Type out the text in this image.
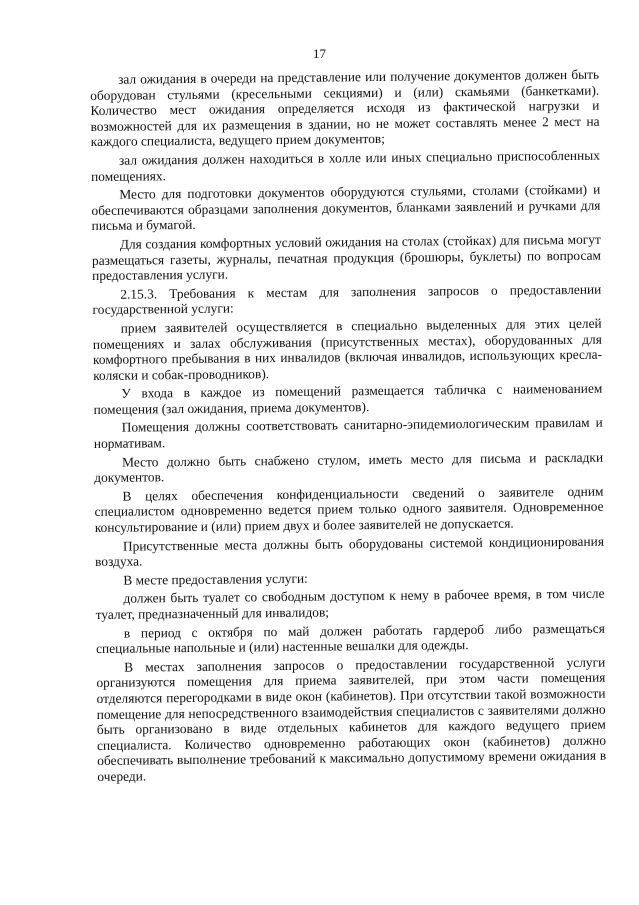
17

зал ожидания в очереди на представление или получение документов должен быть оборудован стульями (кресельными секциями) и (или) скамьями (банкетками). Количество мест ожидания определяется исходя из фактической нагрузки и возможностей для их размещения в здании, но не может составлять менее 2 мест на каждого специалиста, ведущего прием документов;

зал ожидания должен находиться в холле или иных специально приспособленных помещениях.

Место для подготовки документов оборудуются стульями, столами (стойками) и обеспечиваются образцами заполнения документов, бланками заявлений и ручками для письма и бумагой.

Для создания комфортных условий ожидания на столах (стойках) для письма могут размещаться газеты, журналы, печатная продукция (брошюры, буклеты) по вопросам предоставления услуги.

2.15.3. Требования к местам для заполнения запросов о предоставлении государственной услуги:

прием заявителей осуществляется в специально выделенных для этих целей помещениях и залах обслуживания (присутственных местах), оборудованных для комфортного пребывания в них инвалидов (включая инвалидов, использующих кресла-коляски и собак-проводников).

У входа в каждое из помещений размещается табличка с наименованием помещения (зал ожидания, приема документов).

Помещения должны соответствовать санитарно-эпидемиологическим правилам и нормативам.

Место должно быть снабжено стулом, иметь место для письма и раскладки документов.

В целях обеспечения конфиденциальности сведений о заявителе одним специалистом одновременно ведется прием только одного заявителя. Одновременное консультирование и (или) прием двух и более заявителей не допускается.

Присутственные места должны быть оборудованы системой кондиционирования воздуха.

В месте предоставления услуги:

должен быть туалет со свободным доступом к нему в рабочее время, в том числе туалет, предназначенный для инвалидов;

в период с октября по май должен работать гардероб либо размещаться специальные напольные и (или) настенные вешалки для одежды.

В местах заполнения запросов о предоставлении государственной услуги организуются помещения для приема заявителей, при этом части помещения отделяются перегородками в виде окон (кабинетов). При отсутствии такой возможности помещение для непосредственного взаимодействия специалистов с заявителями должно быть организовано в виде отдельных кабинетов для каждого ведущего прием специалиста. Количество одновременно работающих окон (кабинетов) должно обеспечивать выполнение требований к максимально допустимому времени ожидания в очереди.
